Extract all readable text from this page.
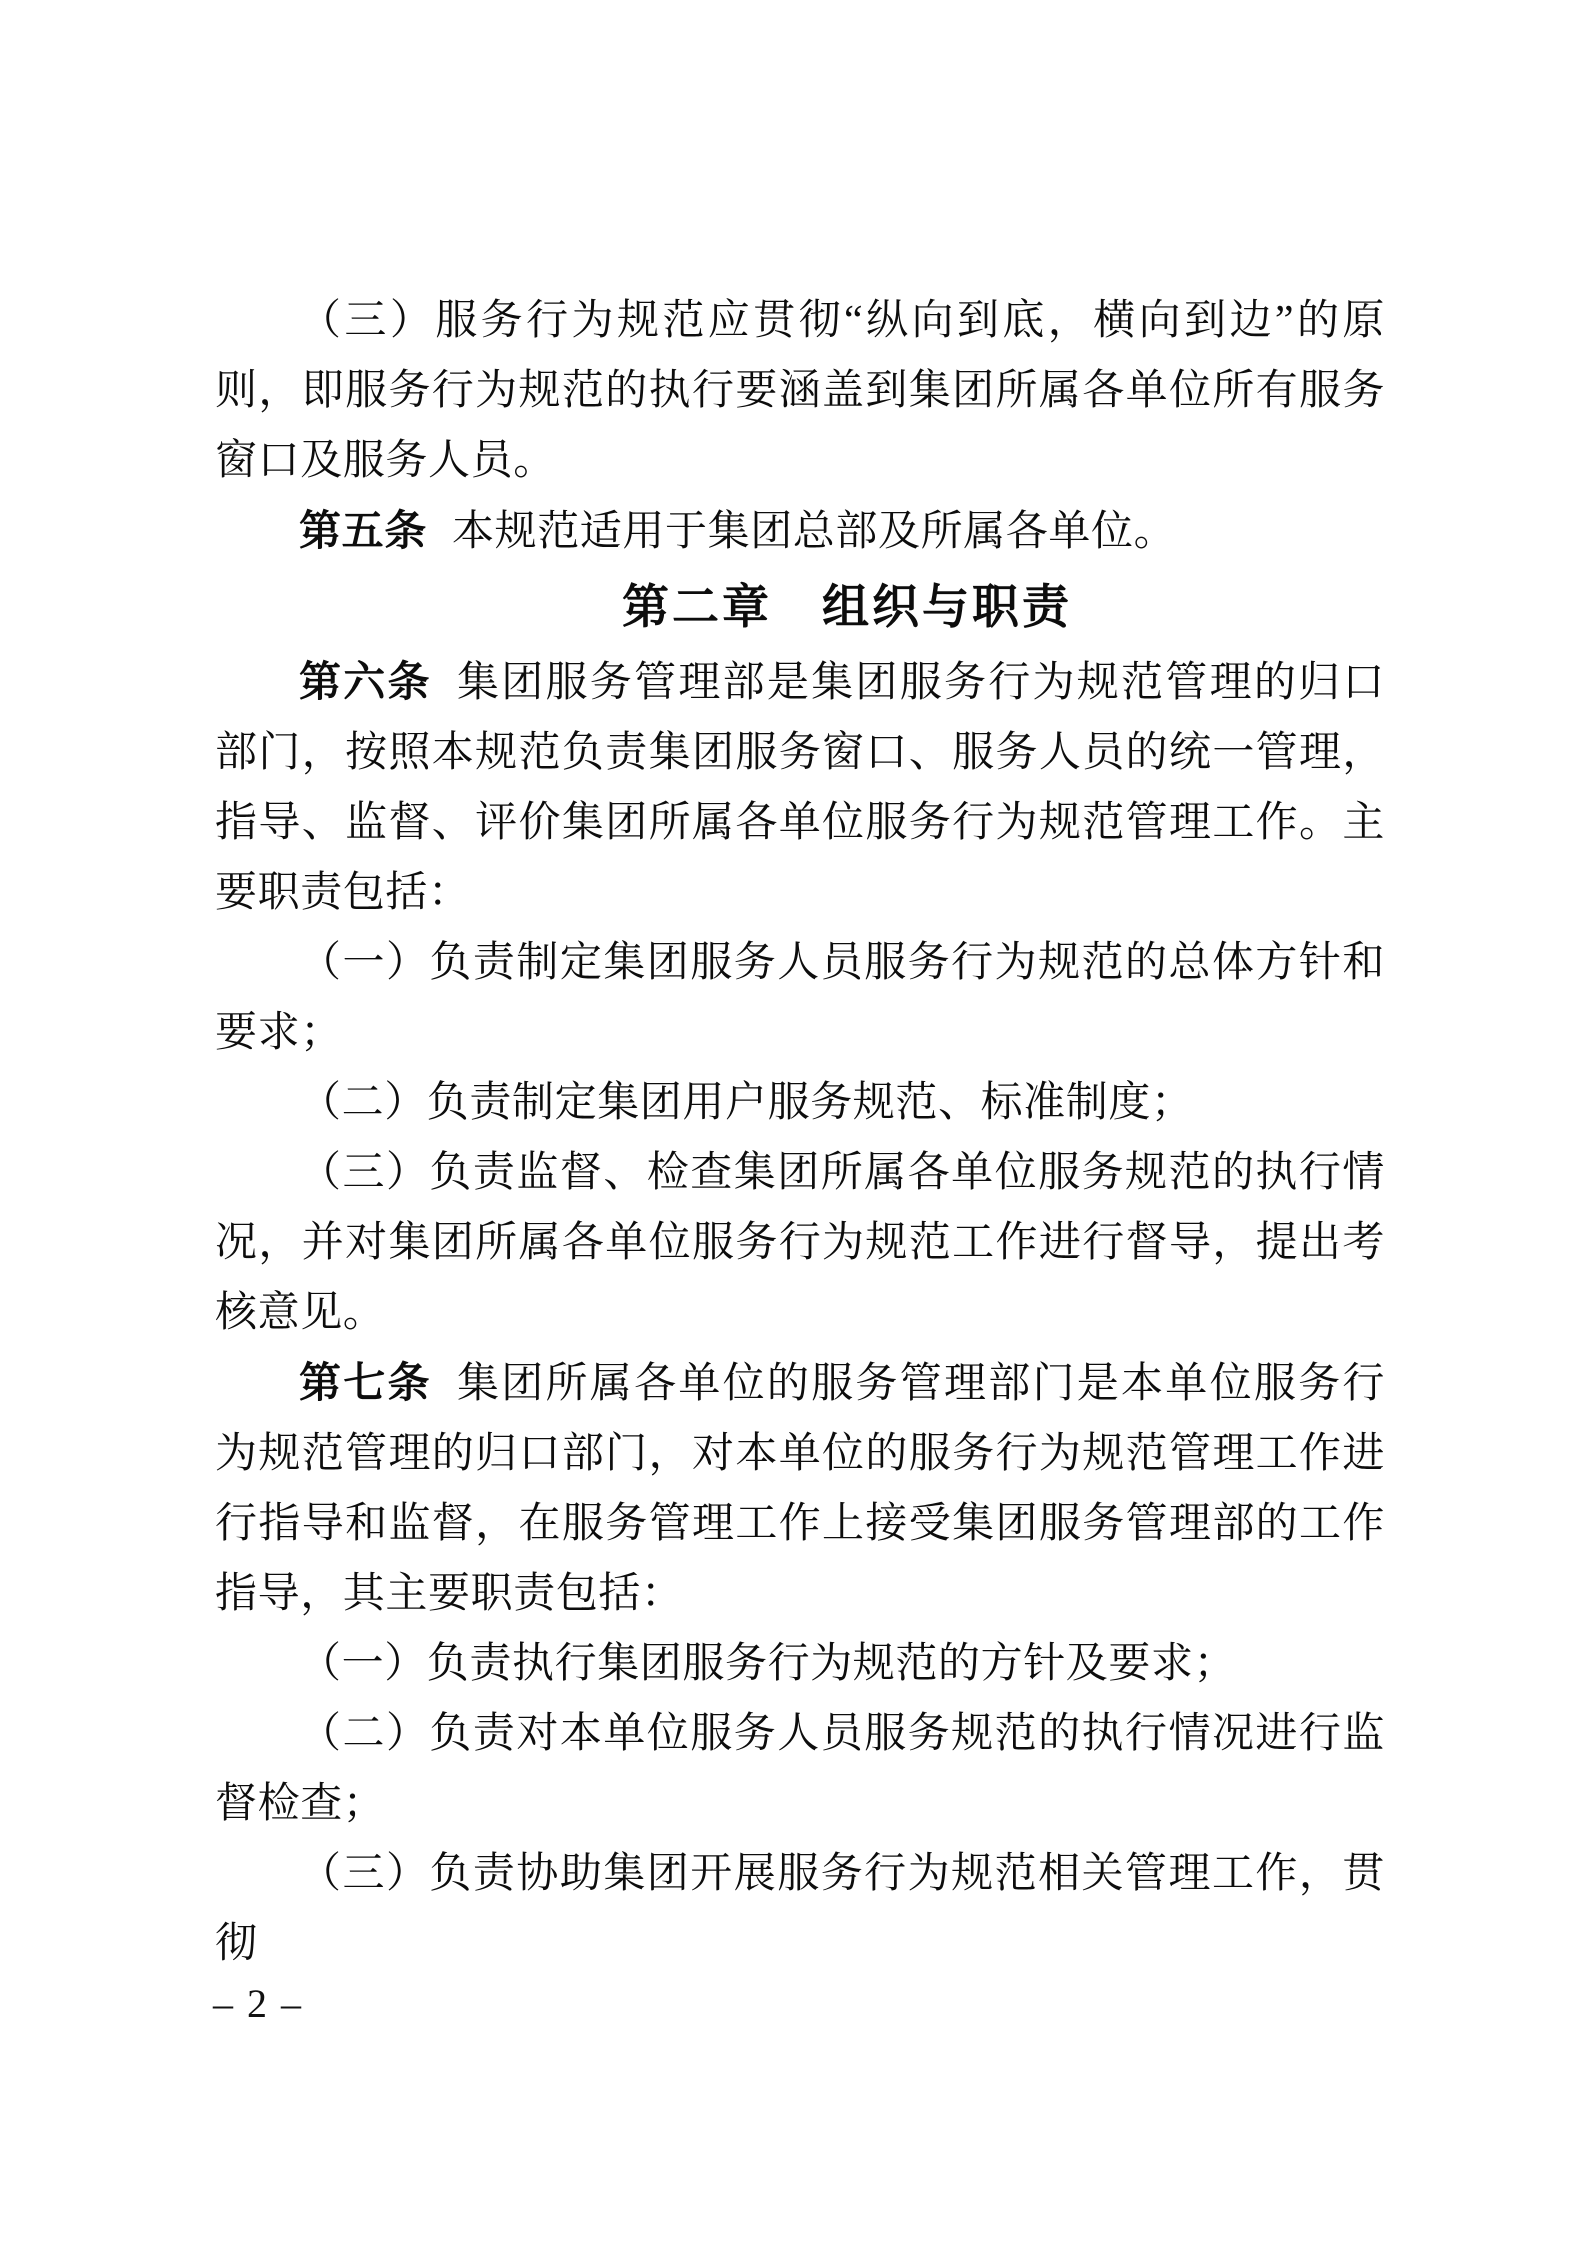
（三）服务行为规范应贯彻“纵向到底，横向到边”的原则，即服务行为规范的执行要涵盖到集团所属各单位所有服务窗口及服务人员。

第五条 本规范适用于集团总部及所属各单位。

第二章　组织与职责

第六条 集团服务管理部是集团服务行为规范管理的归口部门，按照本规范负责集团服务窗口、服务人员的统一管理，指导、监督、评价集团所属各单位服务行为规范管理工作。主要职责包括：

（一）负责制定集团服务人员服务行为规范的总体方针和要求；

（二）负责制定集团用户服务规范、标准制度；

（三）负责监督、检查集团所属各单位服务规范的执行情况，并对集团所属各单位服务行为规范工作进行督导，提出考核意见。

第七条 集团所属各单位的服务管理部门是本单位服务行为规范管理的归口部门，对本单位的服务行为规范管理工作进行指导和监督，在服务管理工作上接受集团服务管理部的工作指导，其主要职责包括：

（一）负责执行集团服务行为规范的方针及要求；

（二）负责对本单位服务人员服务规范的执行情况进行监督检查；

（三）负责协助集团开展服务行为规范相关管理工作，贯彻

– 2 –
